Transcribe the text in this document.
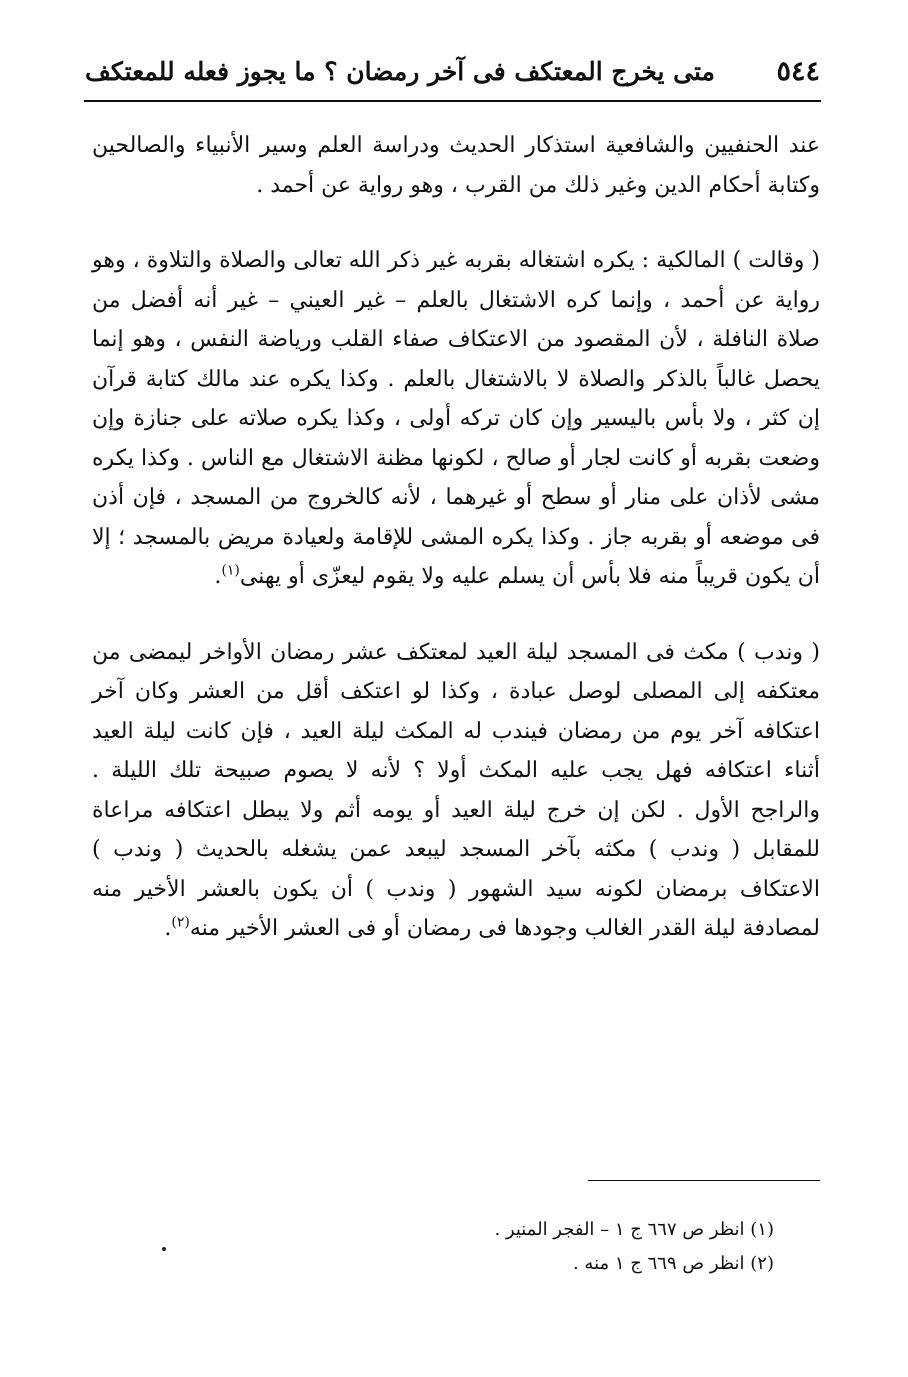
٥٤٤
متى يخرج المعتكف فى آخر رمضان ؟ ما يجوز فعله للمعتكف

عند الحنفيين والشافعية استذكار الحديث ودراسة العلم وسير الأنبياء والصالحين وكتابة أحكام الدين وغير ذلك من القرب ، وهو رواية عن أحمد .

( وقالت ) المالكية : يكره اشتغاله بقربه غير ذكر الله تعالى والصلاة والتلاوة ، وهو رواية عن أحمد ، وإنما كره الاشتغال بالعلم – غير العيني – غير أنه أفضل من صلاة النافلة ، لأن المقصود من الاعتكاف صفاء القلب ورياضة النفس ، وهو إنما يحصل غالباً بالذكر والصلاة لا بالاشتغال بالعلم . وكذا يكره عند مالك كتابة قرآن إن كثر ، ولا بأس باليسير وإن كان تركه أولى ، وكذا يكره صلاته على جنازة وإن وضعت بقربه أو كانت لجار أو صالح ، لكونها مظنة الاشتغال مع الناس . وكذا يكره مشى لأذان على منار أو سطح أو غيرهما ، لأنه كالخروج من المسجد ، فإن أذن فى موضعه أو بقربه جاز . وكذا يكره المشى للإقامة ولعيادة مريض بالمسجد ؛ إلا أن يكون قريباً منه فلا بأس أن يسلم عليه ولا يقوم ليعزّى أو يهنى$^{(١)}$.

( وندب ) مكث فى المسجد ليلة العيد لمعتكف عشر رمضان الأواخر ليمضى من معتكفه إلى المصلى لوصل عبادة ، وكذا لو اعتكف أقل من العشر وكان آخر اعتكافه آخر يوم من رمضان فيندب له المكث ليلة العيد ، فإن كانت ليلة العيد أثناء اعتكافه فهل يجب عليه المكث أولا ؟ لأنه لا يصوم صبيحة تلك الليلة . والراجح الأول . لكن إن خرج ليلة العيد أو يومه أثم ولا يبطل اعتكافه مراعاة للمقابل ( وندب ) مكثه بآخر المسجد ليبعد عمن يشغله بالحديث ( وندب ) الاعتكاف برمضان لكونه سيد الشهور ( وندب ) أن يكون بالعشر الأخير منه لمصادفة ليلة القدر الغالب وجودها فى رمضان أو فى العشر الأخير منه$^{(٢)}$.

(١) انظر ص ٦٦٧ ج ١ – الفجر المنير .

(٢) انظر ص ٦٦٩ ج ١ منه .
